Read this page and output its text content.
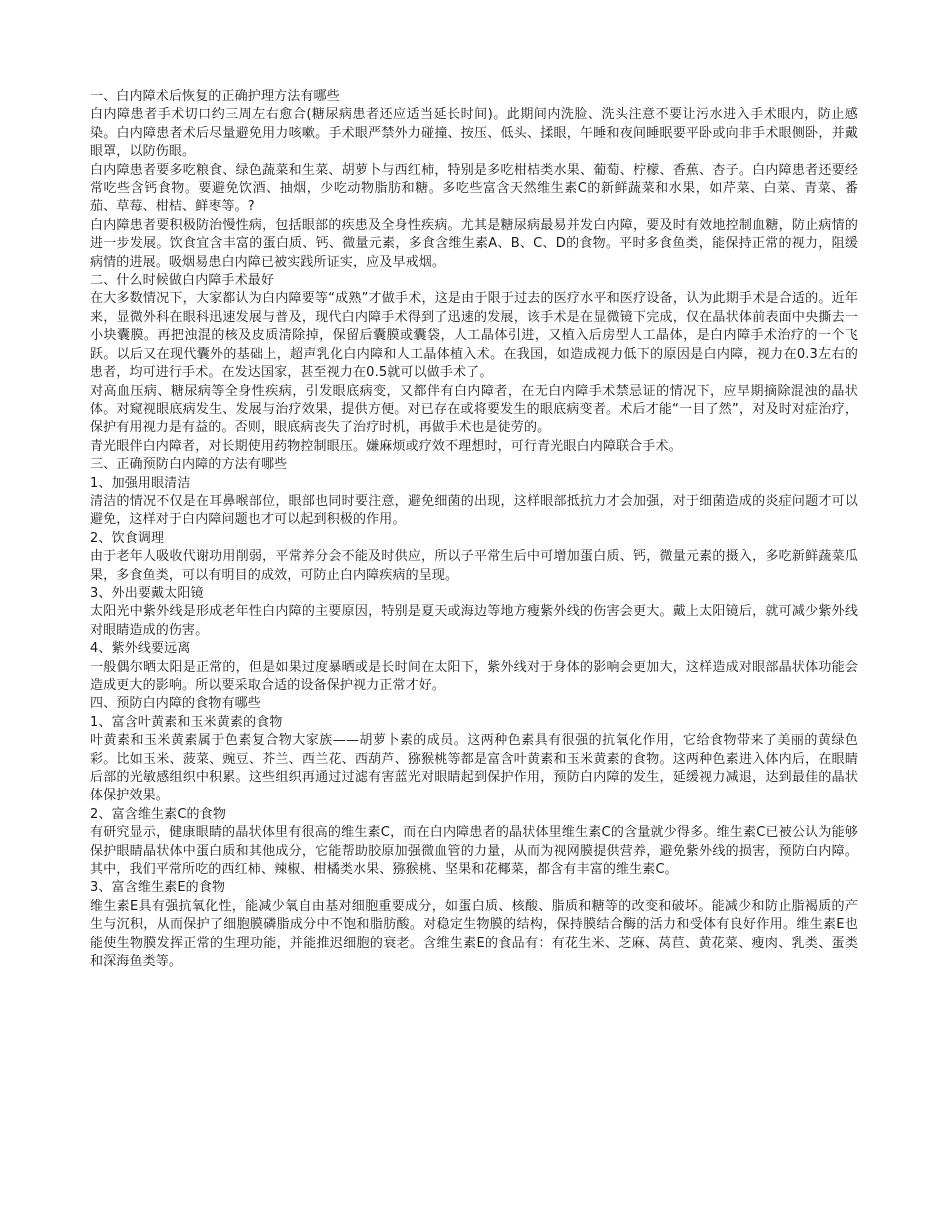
一、白内障术后恢复的正确护理方法有哪些

白内障患者手术切口约三周左右愈合(糖尿病患者还应适当延长时间)。此期间内洗脸、洗头注意不要让污水进入手术眼内，防止感染。白内障患者术后尽量避免用力咳嗽。手术眼严禁外力碰撞、按压、低头、揉眼，午睡和夜间睡眠要平卧或向非手术眼侧卧，并戴眼罩，以防伤眼。

白内障患者要多吃粮食、绿色蔬菜和生菜、胡萝卜与西红柿，特别是多吃柑桔类水果、葡萄、柠檬、香蕉、杏子。白内障患者还要经常吃些含钙食物。要避免饮酒、抽烟，少吃动物脂肪和糖。多吃些富含天然维生素C的新鲜蔬菜和水果，如芹菜、白菜、青菜、番茄、草莓、柑桔、鲜枣等。?

白内障患者要积极防治慢性病，包括眼部的疾患及全身性疾病。尤其是糖尿病最易并发白内障，要及时有效地控制血糖，防止病情的进一步发展。饮食宜含丰富的蛋白质、钙、微量元素，多食含维生素A、B、C、D的食物。平时多食鱼类，能保持正常的视力，阻缓病情的进展。吸烟易患白内障已被实践所证实，应及早戒烟。

二、什么时候做白内障手术最好

在大多数情况下，大家都认为白内障要等“成熟”才做手术，这是由于限于过去的医疗水平和医疗设备，认为此期手术是合适的。近年来，显微外科在眼科迅速发展与普及，现代白内障手术得到了迅速的发展，该手术是在显微镜下完成，仅在晶状体前表面中央撕去一小块囊膜。再把浊混的核及皮质清除掉，保留后囊膜或囊袋，人工晶体引进，又植入后房型人工晶体，是白内障手术治疗的一个飞跃。以后又在现代囊外的基础上，超声乳化白内障和人工晶体植入术。在我国，如造成视力低下的原因是白内障，视力在0.3左右的患者，均可进行手术。在发达国家，甚至视力在0.5就可以做手术了。

对高血压病、糖尿病等全身性疾病，引发眼底病变，又都伴有白内障者，在无白内障手术禁忌证的情况下，应早期摘除混浊的晶状体。对窥视眼底病发生、发展与治疗效果，提供方便。对已存在或将要发生的眼底病变者。术后才能“一目了然”，对及时对症治疗，保护有用视力是有益的。否则，眼底病丧失了治疗时机，再做手术也是徒劳的。

青光眼伴白内障者，对长期使用药物控制眼压。嫌麻烦或疗效不理想时，可行青光眼白内障联合手术。

三、正确预防白内障的方法有哪些

1、加强用眼清洁

清洁的情况不仅是在耳鼻喉部位，眼部也同时要注意，避免细菌的出现，这样眼部抵抗力才会加强，对于细菌造成的炎症问题才可以避免，这样对于白内障问题也才可以起到积极的作用。

2、饮食调理

由于老年人吸收代谢功用削弱，平常养分会不能及时供应，所以子平常生后中可增加蛋白质、钙，微量元素的摄入，多吃新鲜蔬菜瓜果，多食鱼类，可以有明目的成效，可防止白内障疾病的呈现。

3、外出要戴太阳镜

太阳光中紫外线是形成老年性白内障的主要原因，特别是夏天或海边等地方瘦紫外线的伤害会更大。戴上太阳镜后，就可减少紫外线对眼睛造成的伤害。

4、紫外线要远离

一般偶尔晒太阳是正常的，但是如果过度暴晒或是长时间在太阳下，紫外线对于身体的影响会更加大，这样造成对眼部晶状体功能会造成更大的影响。所以要采取合适的设备保护视力正常才好。

四、预防白内障的食物有哪些

1、富含叶黄素和玉米黄素的食物

叶黄素和玉米黄素属于色素复合物大家族——胡萝卜素的成员。这两种色素具有很强的抗氧化作用，它给食物带来了美丽的黄绿色彩。比如玉米、菠菜、豌豆、芥兰、西兰花、西葫芦、猕猴桃等都是富含叶黄素和玉米黄素的食物。这两种色素进入体内后，在眼睛后部的光敏感组织中积累。这些组织再通过过滤有害蓝光对眼睛起到保护作用，预防白内障的发生，延缓视力减退，达到最佳的晶状体保护效果。

2、富含维生素C的食物

有研究显示，健康眼睛的晶状体里有很高的维生素C，而在白内障患者的晶状体里维生素C的含量就少得多。维生素C已被公认为能够保护眼睛晶状体中蛋白质和其他成分，它能帮助胶原加强微血管的力量，从而为视网膜提供营养，避免紫外线的损害，预防白内障。其中，我们平常所吃的西红柿、辣椒、柑橘类水果、猕猴桃、坚果和花椰菜，都含有丰富的维生素C。

3、富含维生素E的食物

维生素E具有强抗氧化性，能减少氧自由基对细胞重要成分，如蛋白质、核酸、脂质和糖等的改变和破坏。能减少和防止脂褐质的产生与沉积，从而保护了细胞膜磷脂成分中不饱和脂肪酸。对稳定生物膜的结构，保持膜结合酶的活力和受体有良好作用。维生素E也能使生物膜发挥正常的生理功能，并能推迟细胞的衰老。含维生素E的食品有：有花生米、芝麻、莴苣、黄花菜、瘦肉、乳类、蛋类和深海鱼类等。
